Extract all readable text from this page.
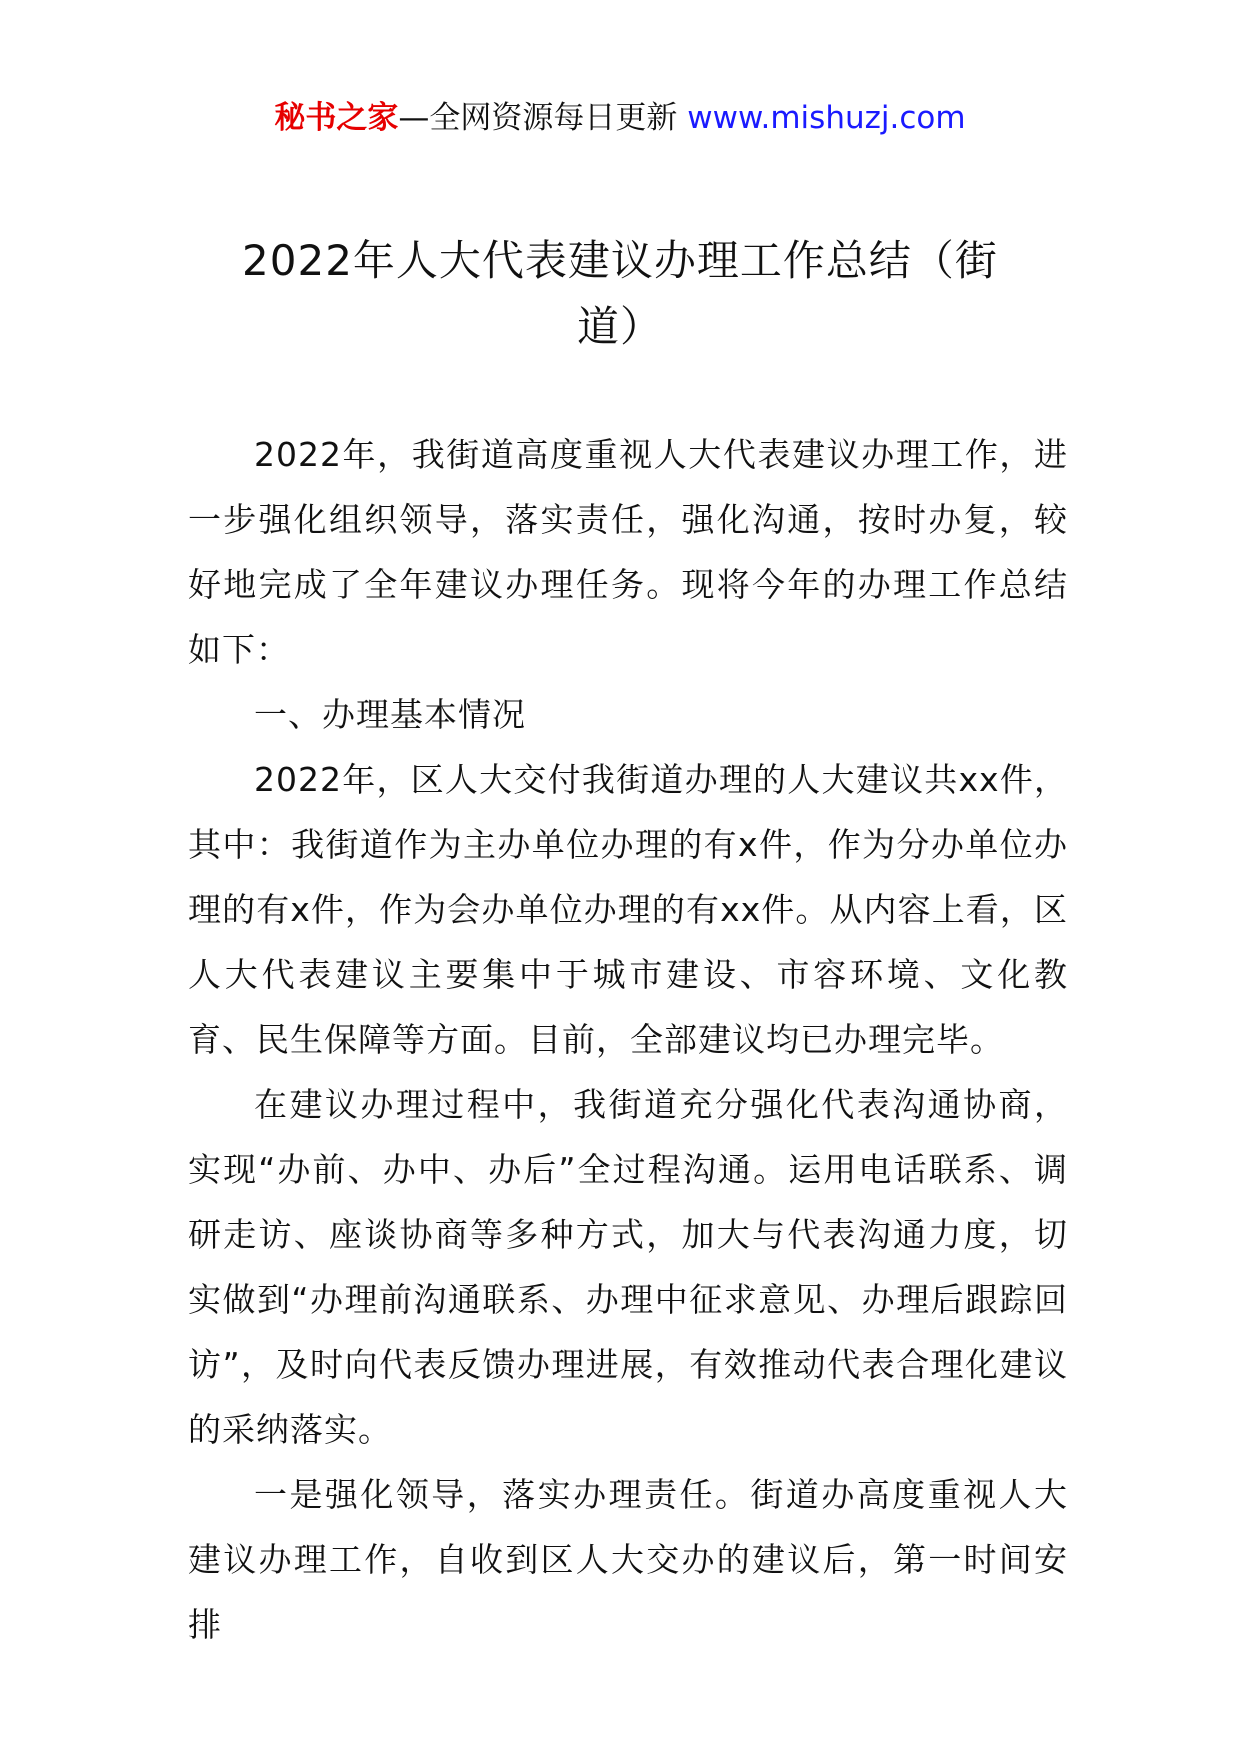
秘书之家—全网资源每日更新 www.mishuzj.com
2022年人大代表建议办理工作总结（街道）

2022年，我街道高度重视人大代表建议办理工作，进一步强化组织领导，落实责任，强化沟通，按时办复，较好地完成了全年建议办理任务。现将今年的办理工作总结如下：

一、办理基本情况

2022年，区人大交付我街道办理的人大建议共xx件，其中：我街道作为主办单位办理的有x件，作为分办单位办理的有x件，作为会办单位办理的有xx件。从内容上看，区人大代表建议主要集中于城市建设、市容环境、文化教育、民生保障等方面。目前，全部建议均已办理完毕。

在建议办理过程中，我街道充分强化代表沟通协商，实现“办前、办中、办后”全过程沟通。运用电话联系、调研走访、座谈协商等多种方式，加大与代表沟通力度，切实做到“办理前沟通联系、办理中征求意见、办理后跟踪回访”，及时向代表反馈办理进展，有效推动代表合理化建议的采纳落实。

一是强化领导，落实办理责任。街道办高度重视人大建议办理工作，自收到区人大交办的建议后，第一时间安排
